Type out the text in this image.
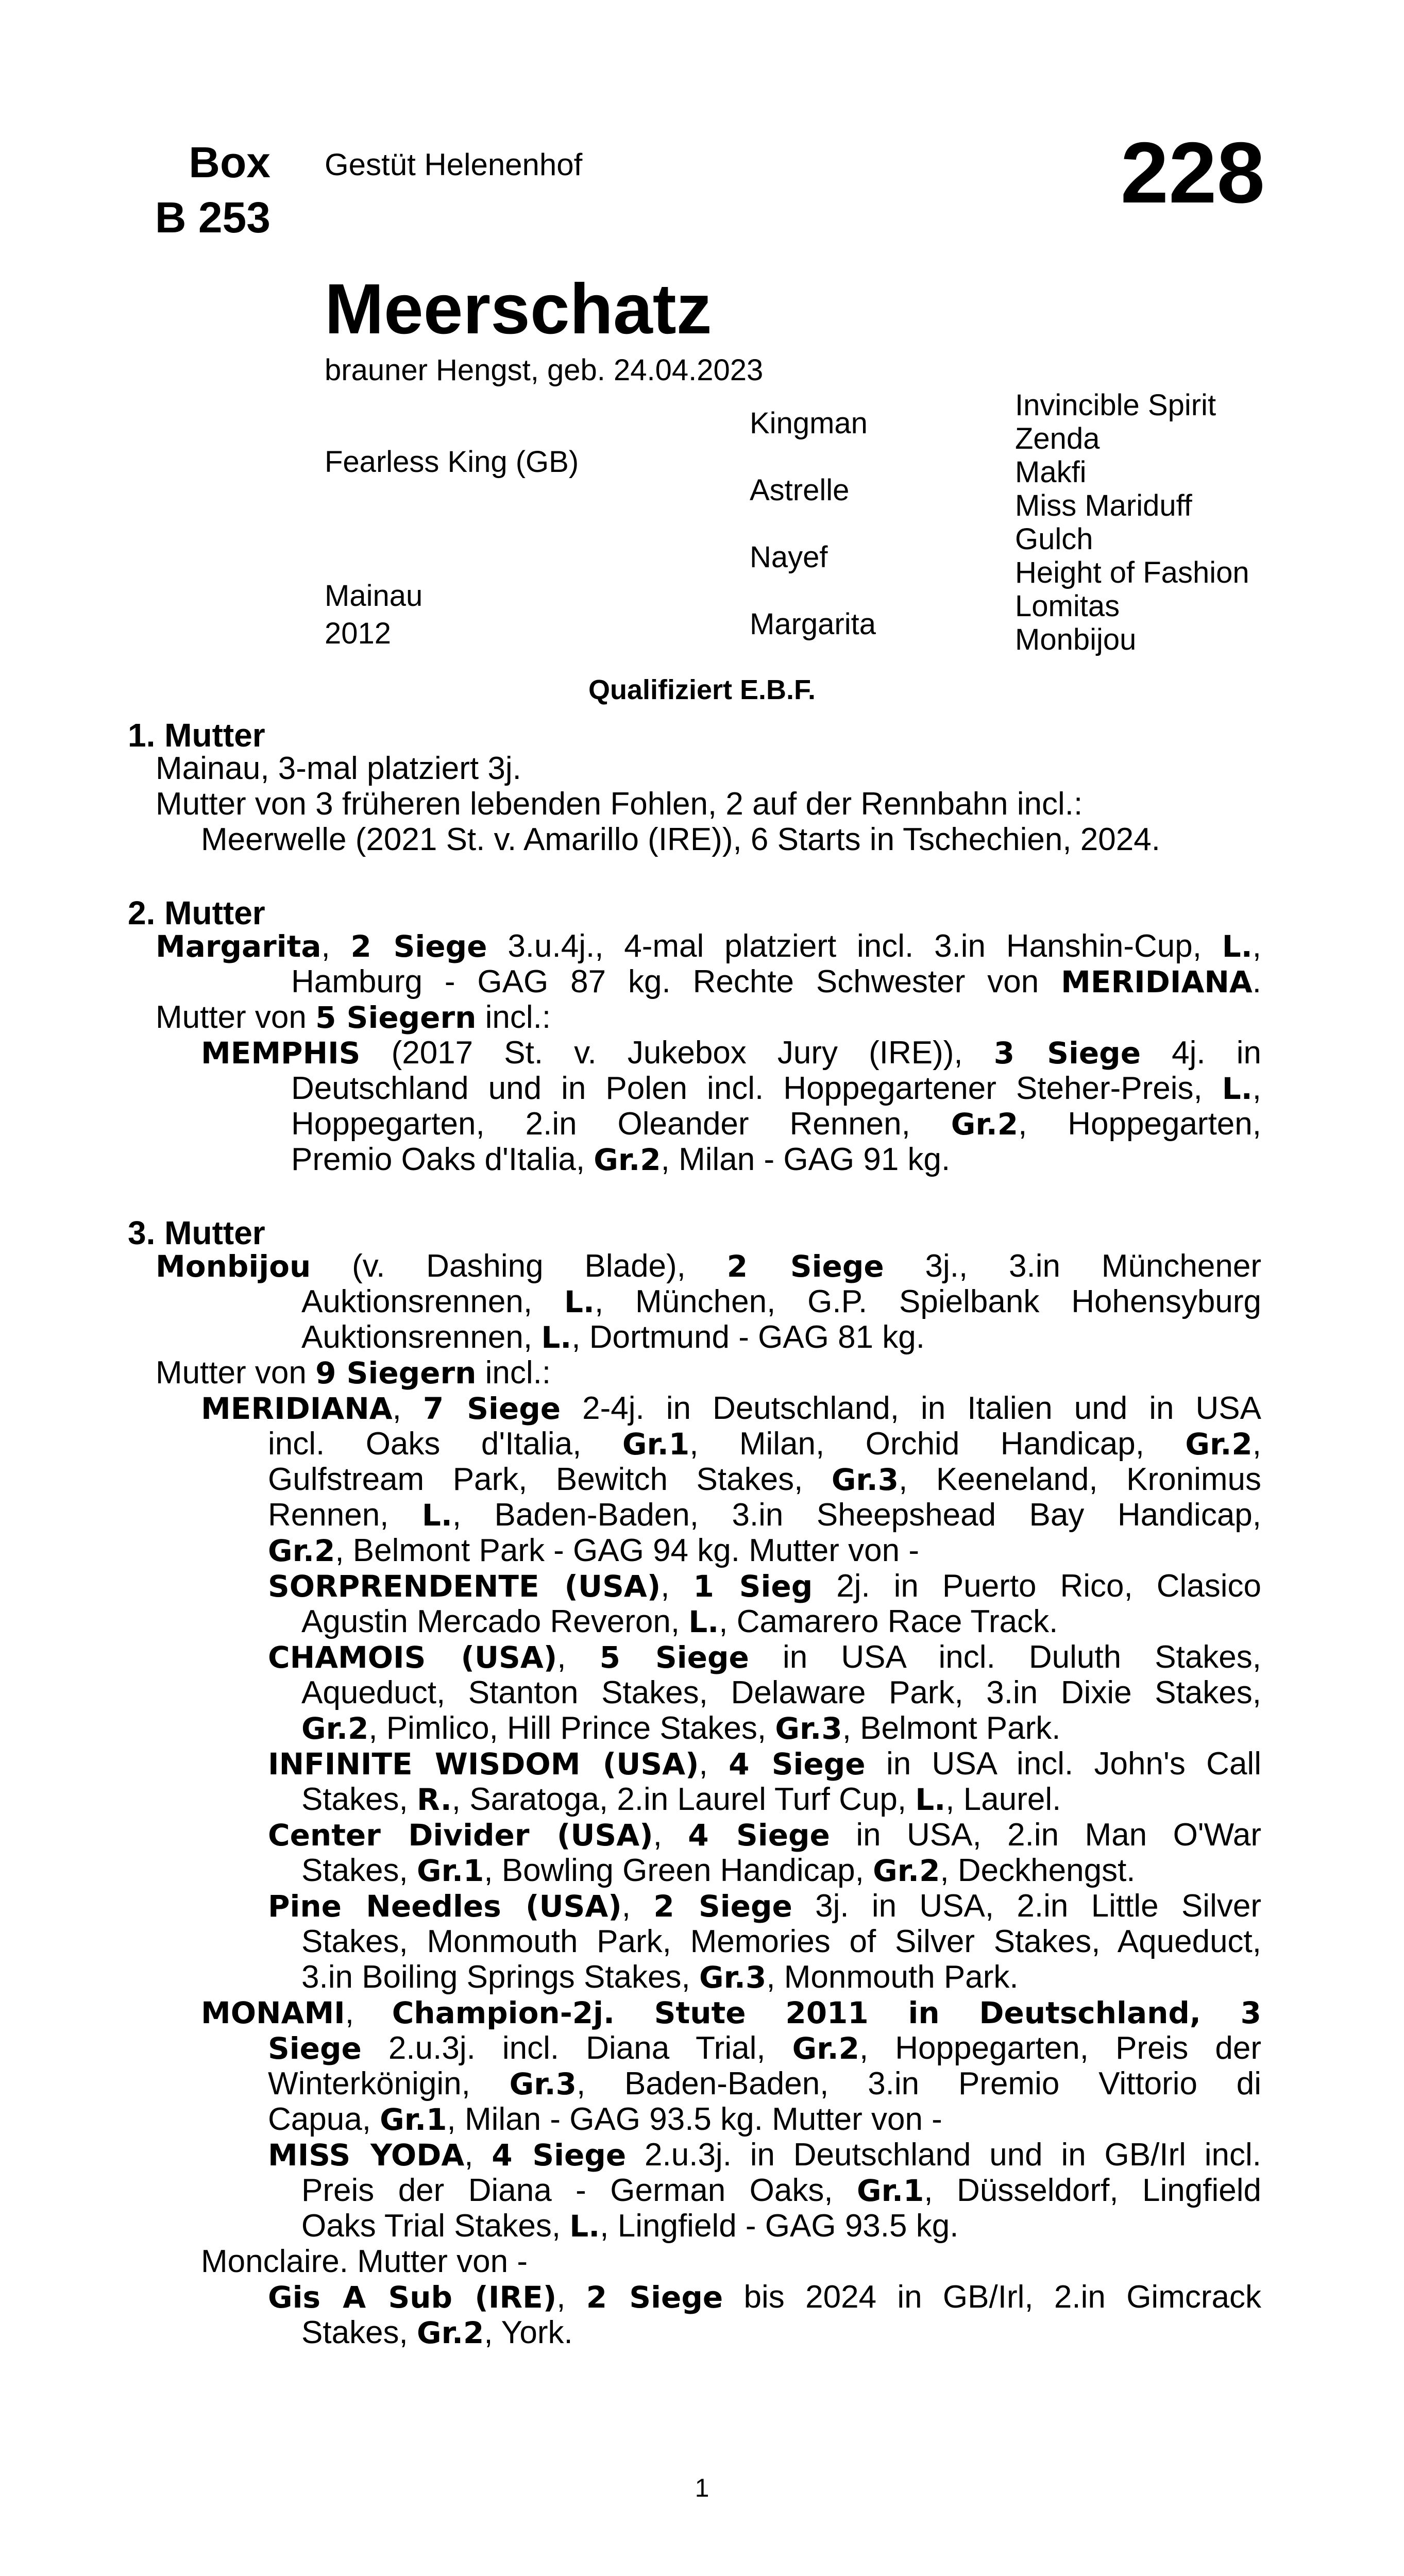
Box
B 253
Gestüt Helenenhof	228
Meerschatz
brauner Hengst, geb. 24.04.2023
Fearless King (GB)
Mainau
2012
Kingman
Astrelle
Nayef
Margarita
Invincible Spirit
Zenda
Makfi
Miss Mariduff
Gulch
Height of Fashion
Lomitas
Monbijou
Qualifiziert E.B.F.
1. Mutter
Mainau, 3-mal platziert 3j.
Mutter von 3 früheren lebenden Fohlen, 2 auf der Rennbahn incl.:
Meerwelle (2021 St. v. Amarillo (IRE)), 6 Starts in Tschechien, 2024.
2. Mutter
Margarita, 2 Siege 3.u.4j., 4-mal platziert incl. 3.in Hanshin-Cup, L.,
Hamburg - GAG 87 kg. Rechte Schwester von MERIDIANA.
Mutter von 5 Siegern incl.:
MEMPHIS (2017 St. v. Jukebox Jury (IRE)), 3 Siege 4j. in
Deutschland und in Polen incl. Hoppegartener Steher-Preis, L.,
Hoppegarten, 2.in Oleander Rennen, Gr.2, Hoppegarten,
Premio Oaks d'Italia, Gr.2, Milan - GAG 91 kg.
3. Mutter
Monbijou (v. Dashing Blade), 2 Siege 3j., 3.in Münchener
Auktionsrennen, L., München, G.P. Spielbank Hohensyburg
Auktionsrennen, L., Dortmund - GAG 81 kg.
Mutter von 9 Siegern incl.:
MERIDIANA, 7 Siege 2-4j. in Deutschland, in Italien und in USA
incl. Oaks d'Italia, Gr.1, Milan, Orchid Handicap, Gr.2,
Gulfstream Park, Bewitch Stakes, Gr.3, Keeneland, Kronimus
Rennen, L., Baden-Baden, 3.in Sheepshead Bay Handicap,
Gr.2, Belmont Park - GAG 94 kg. Mutter von -
SORPRENDENTE (USA), 1 Sieg 2j. in Puerto Rico, Clasico
Agustin Mercado Reveron, L., Camarero Race Track.
CHAMOIS (USA), 5 Siege in USA incl. Duluth Stakes,
Aqueduct, Stanton Stakes, Delaware Park, 3.in Dixie Stakes,
Gr.2, Pimlico, Hill Prince Stakes, Gr.3, Belmont Park.
INFINITE WISDOM (USA), 4 Siege in USA incl. John's Call
Stakes, R., Saratoga, 2.in Laurel Turf Cup, L., Laurel.
Center Divider (USA), 4 Siege in USA, 2.in Man O'War
Stakes, Gr.1, Bowling Green Handicap, Gr.2, Deckhengst.
Pine Needles (USA), 2 Siege 3j. in USA, 2.in Little Silver
Stakes, Monmouth Park, Memories of Silver Stakes, Aqueduct,
3.in Boiling Springs Stakes, Gr.3, Monmouth Park.
MONAMI, Champion-2j. Stute 2011 in Deutschland, 3
Siege 2.u.3j. incl. Diana Trial, Gr.2, Hoppegarten, Preis der
Winterkönigin, Gr.3, Baden-Baden, 3.in Premio Vittorio di
Capua, Gr.1, Milan - GAG 93.5 kg. Mutter von -
MISS YODA, 4 Siege 2.u.3j. in Deutschland und in GB/Irl incl.
Preis der Diana - German Oaks, Gr.1, Düsseldorf, Lingfield
Oaks Trial Stakes, L., Lingfield - GAG 93.5 kg.
Monclaire. Mutter von -
Gis A Sub (IRE), 2 Siege bis 2024 in GB/Irl, 2.in Gimcrack
Stakes, Gr.2, York.
1
